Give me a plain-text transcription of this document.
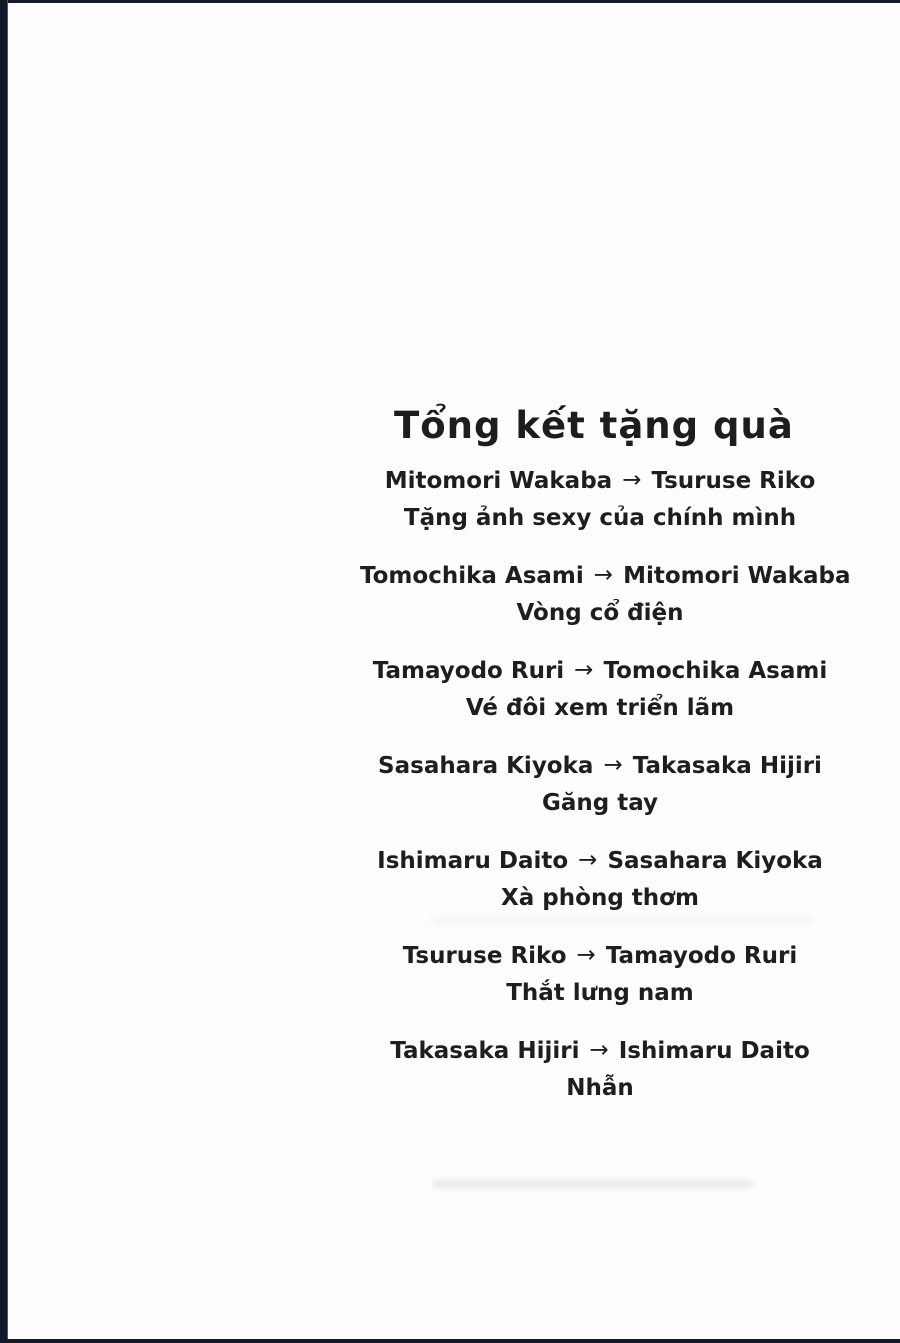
Tổng kết tặng quà
Mitomori Wakaba → Tsuruse Riko
Tặng ảnh sexy của chính mình
Tomochika Asami → Mitomori Wakaba
Vòng cổ điện
Tamayodo Ruri → Tomochika Asami
Vé đôi xem triển lãm
Sasahara Kiyoka → Takasaka Hijiri
Găng tay
Ishimaru Daito → Sasahara Kiyoka
Xà phòng thơm
Tsuruse Riko → Tamayodo Ruri
Thắt lưng nam
Takasaka Hijiri → Ishimaru Daito
Nhẫn
